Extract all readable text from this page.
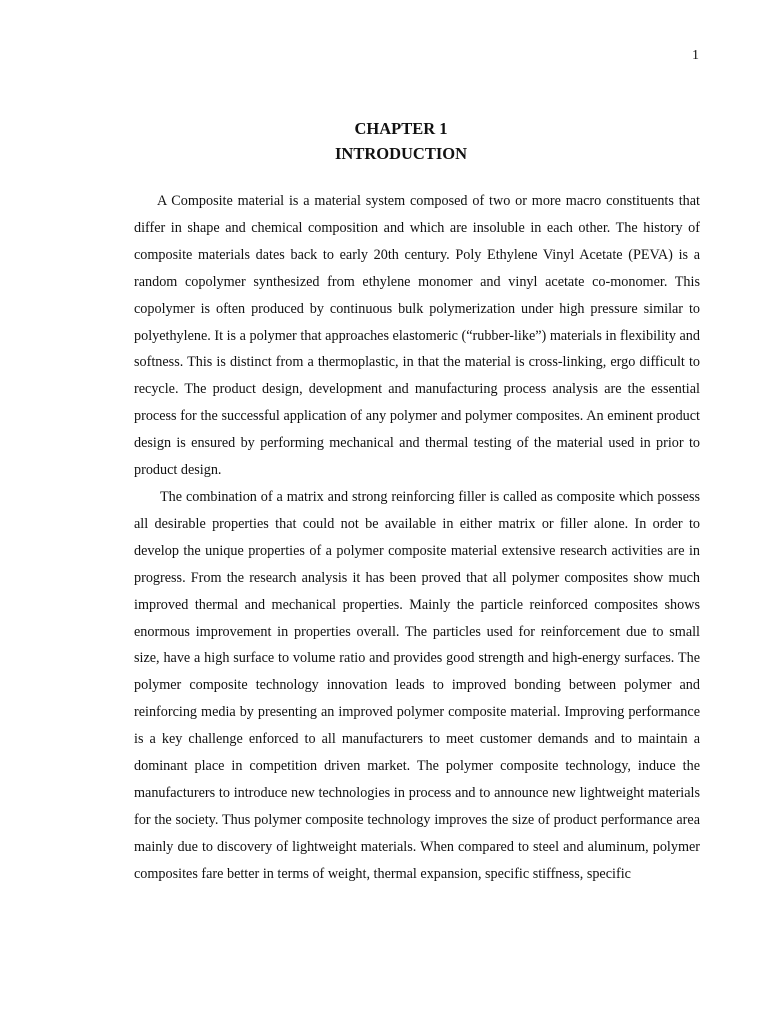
1
CHAPTER 1
INTRODUCTION

A Composite material is a material system composed of two or more macro constituents that differ in shape and chemical composition and which are insoluble in each other. The history of composite materials dates back to early 20th century. Poly Ethylene Vinyl Acetate (PEVA) is a random copolymer synthesized from ethylene monomer and vinyl acetate co-monomer. This copolymer is often produced by continuous bulk polymerization under high pressure similar to polyethylene. It is a polymer that approaches elastomeric (“rubber-like”) materials in flexibility and softness. This is distinct from a thermoplastic, in that the material is cross-linking, ergo difficult to recycle. The product design, development and manufacturing process analysis are the essential process for the successful application of any polymer and polymer composites. An eminent product design is ensured by performing mechanical and thermal testing of the material used in prior to product design.

The combination of a matrix and strong reinforcing filler is called as composite which possess all desirable properties that could not be available in either matrix or filler alone. In order to develop the unique properties of a polymer composite material extensive research activities are in progress. From the research analysis it has been proved that all polymer composites show much improved thermal and mechanical properties. Mainly the particle reinforced composites shows enormous improvement in properties overall. The particles used for reinforcement due to small size, have a high surface to volume ratio and provides good strength and high-energy surfaces. The polymer composite technology innovation leads to improved bonding between polymer and reinforcing media by presenting an improved polymer composite material. Improving performance is a key challenge enforced to all manufacturers to meet customer demands and to maintain a dominant place in competition driven market. The polymer composite technology, induce the manufacturers to introduce new technologies in process and to announce new lightweight materials for the society. Thus polymer composite technology improves the size of product performance area mainly due to discovery of lightweight materials. When compared to steel and aluminum, polymer composites fare better in terms of weight, thermal expansion, specific stiffness, specific
